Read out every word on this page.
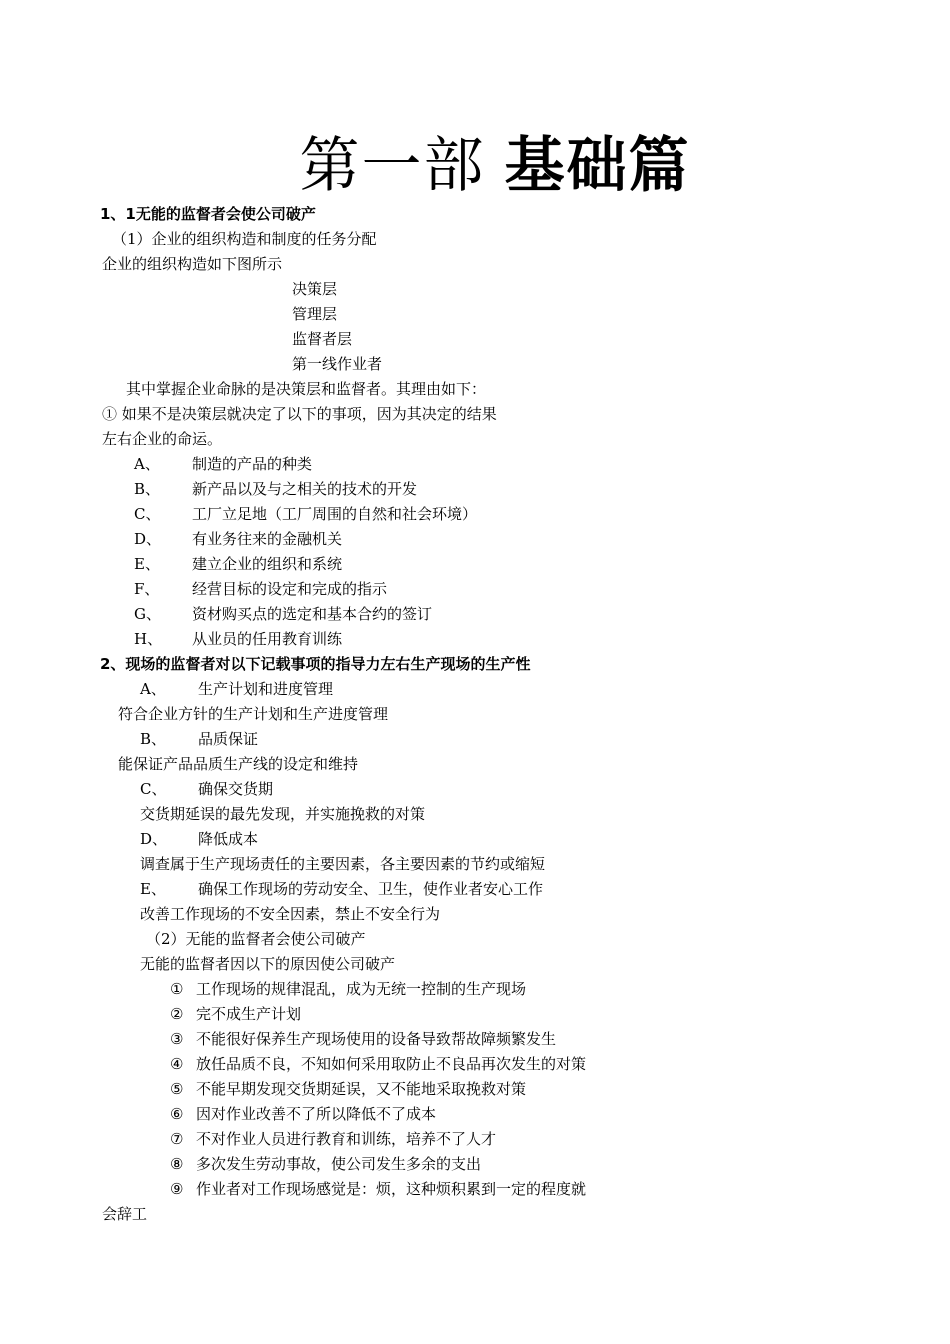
第一部 基础篇
1、1无能的监督者会使公司破产
（1）企业的组织构造和制度的任务分配
企业的组织构造如下图所示
决策层
管理层
监督者层
第一线作业者
其中掌握企业命脉的是决策层和监督者。其理由如下：
① 如果不是决策层就决定了以下的事项，因为其决定的结果
左右企业的命运。
A、 制造的产品的种类
B、 新产品以及与之相关的技术的开发
C、 工厂立足地（工厂周围的自然和社会环境）
D、 有业务往来的金融机关
E、 建立企业的组织和系统
F、 经营目标的设定和完成的指示
G、 资材购买点的选定和基本合约的签订
H、 从业员的任用教育训练
2、现场的监督者对以下记载事项的指导力左右生产现场的生产性
A、 生产计划和进度管理
符合企业方针的生产计划和生产进度管理
B、 品质保证
能保证产品品质生产线的设定和维持
C、 确保交货期
交货期延误的最先发现，并实施挽救的对策
D、 降低成本
调查属于生产现场责任的主要因素，各主要因素的节约或缩短
E、 确保工作现场的劳动安全、卫生，使作业者安心工作
改善工作现场的不安全因素，禁止不安全行为
（2）无能的监督者会使公司破产
无能的监督者因以下的原因使公司破产
① 工作现场的规律混乱，成为无统一控制的生产现场
② 完不成生产计划
③ 不能很好保养生产现场使用的设备导致帮故障频繁发生
④ 放任品质不良，不知如何采用取防止不良品再次发生的对策
⑤ 不能早期发现交货期延误，又不能地采取挽救对策
⑥ 因对作业改善不了所以降低不了成本
⑦ 不对作业人员进行教育和训练，培养不了人才
⑧ 多次发生劳动事故，使公司发生多余的支出
⑨ 作业者对工作现场感觉是：烦，这种烦积累到一定的程度就
会辞工
